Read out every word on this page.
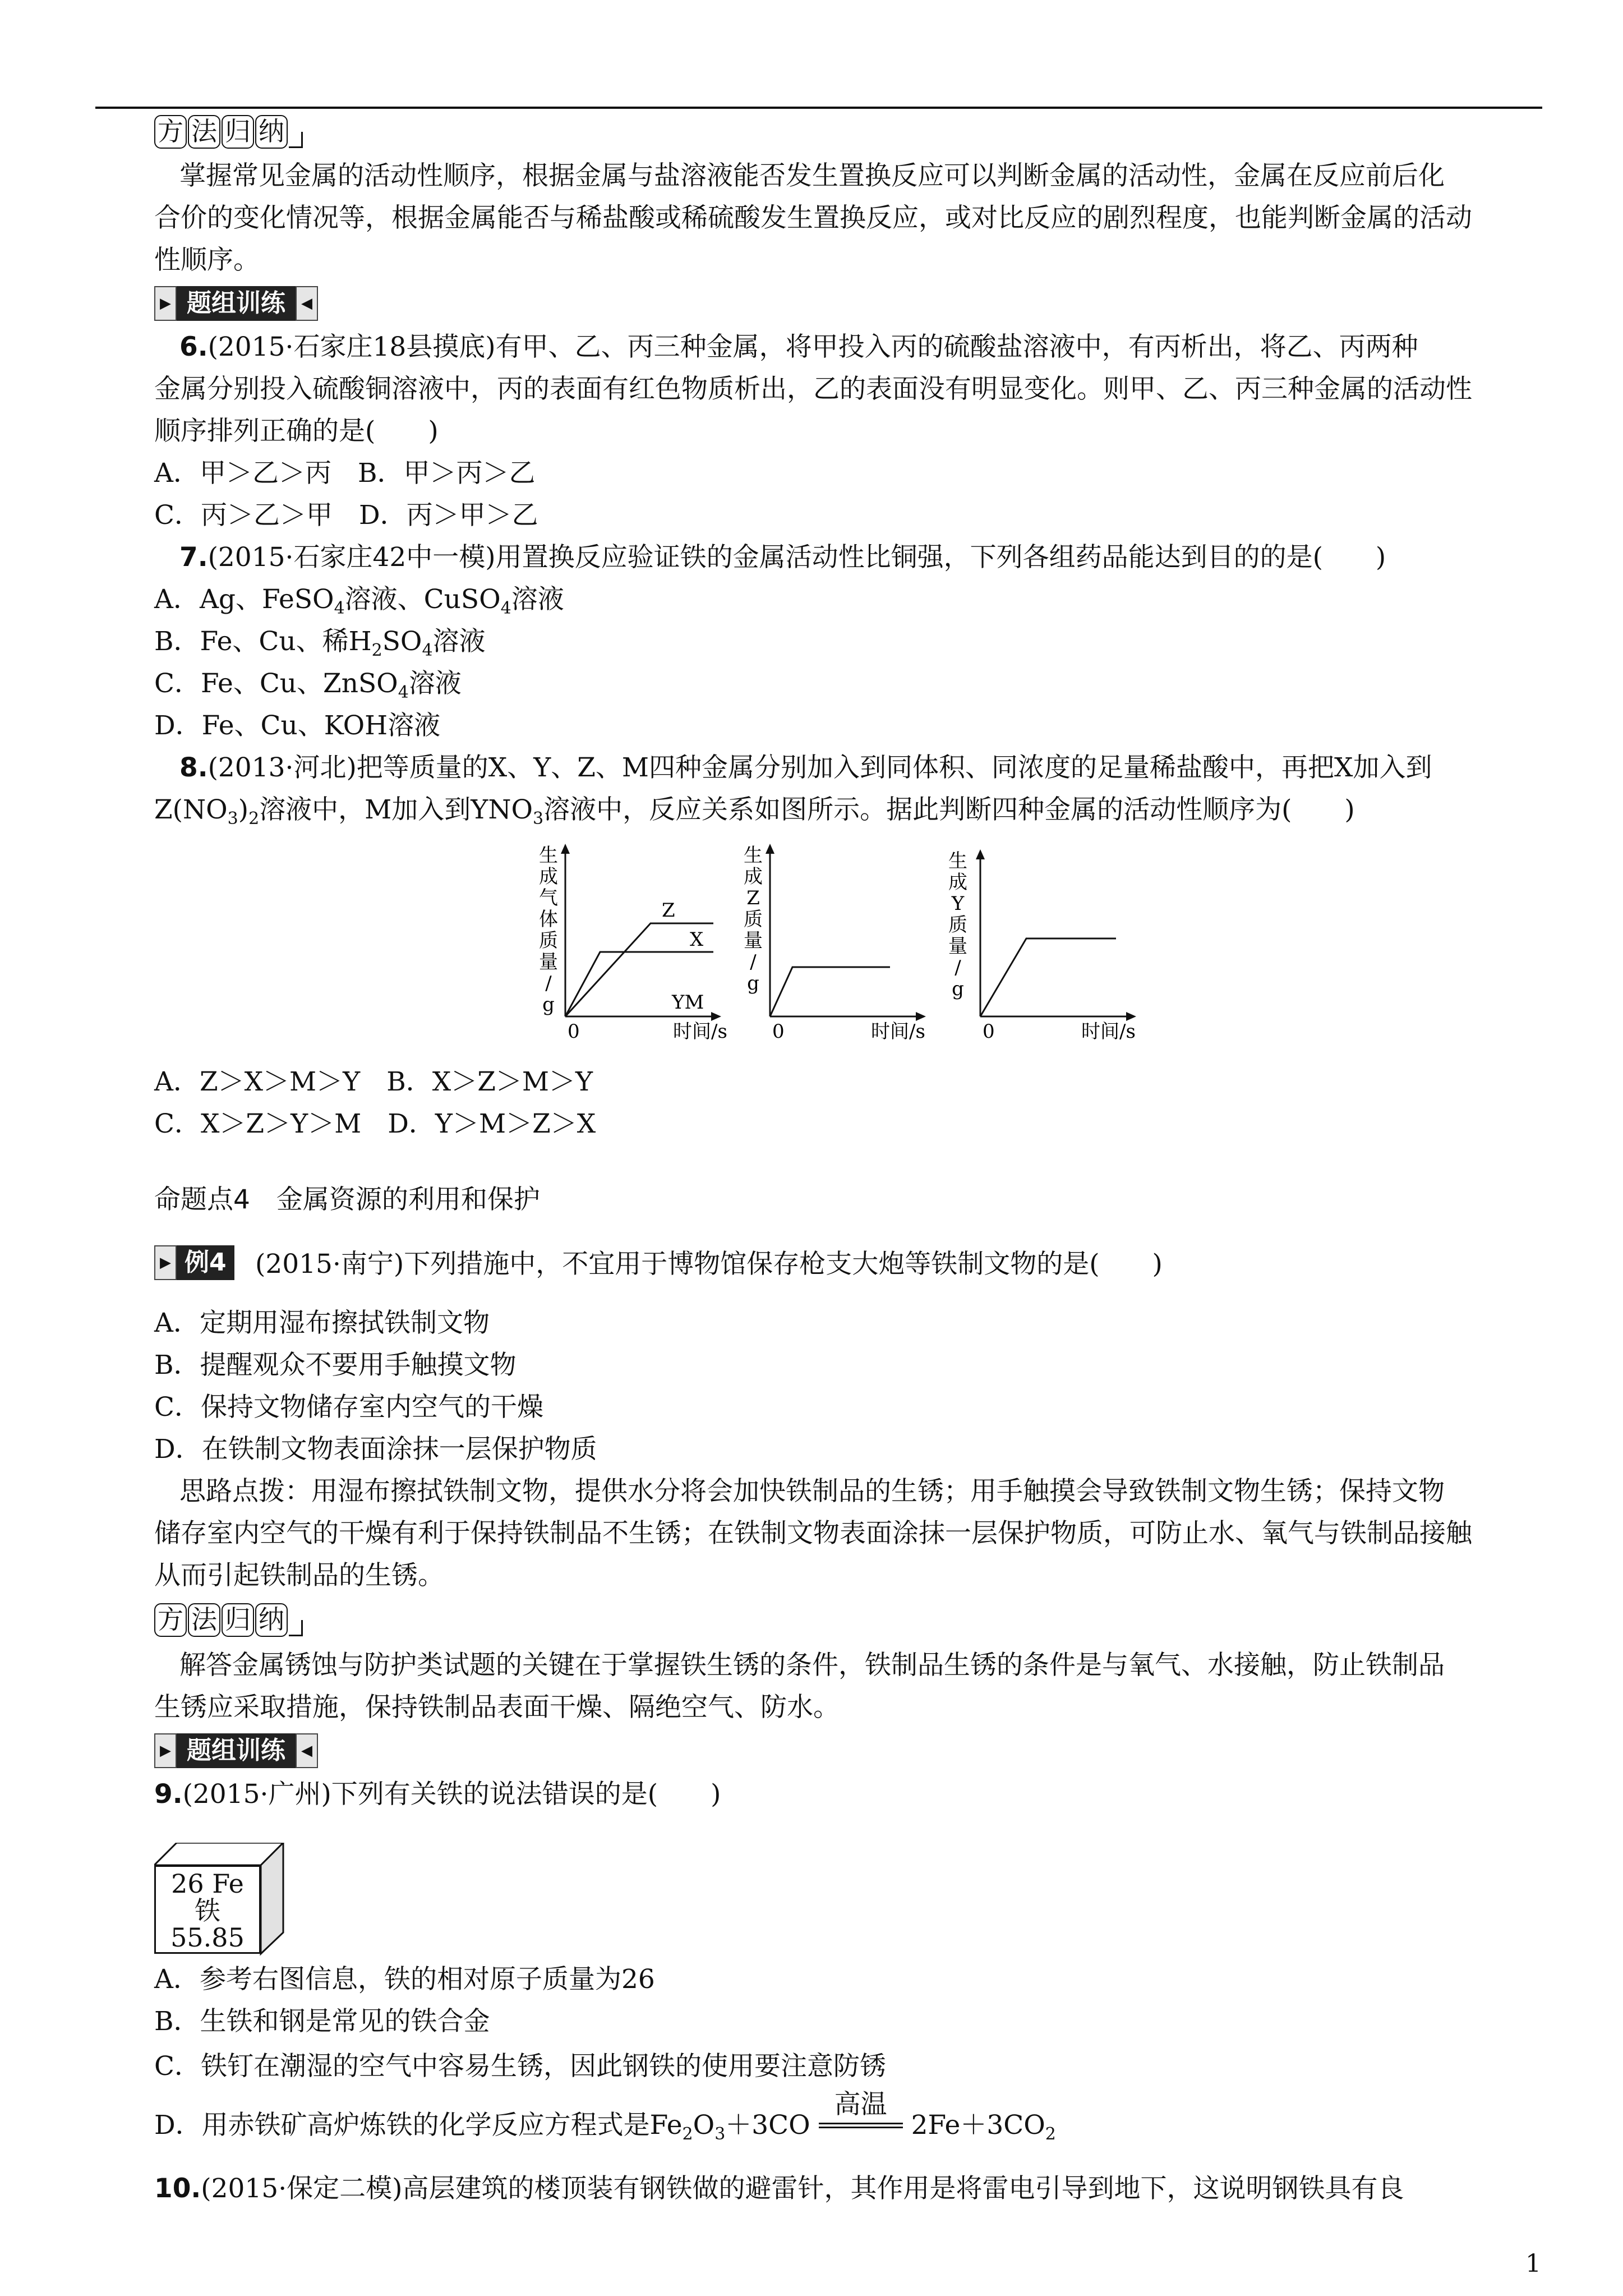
方 法 归 纳
掌握常见金属的活动性顺序，根据金属与盐溶液能否发生置换反应可以判断金属的活动性，金属在反应前后化
合价的变化情况等，根据金属能否与稀盐酸或稀硫酸发生置换反应，或对比反应的剧烈程度，也能判断金属的活动
性顺序。
▶ 题组训练	◀
6.(2015·石家庄18县摸底)有甲、乙、丙三种金属，将甲投入丙的硫酸盐溶液中，有丙析出，将乙、丙两种
金属分别投入硫酸铜溶液中，丙的表面有红色物质析出，乙的表面没有明显变化。则甲、乙、丙三种金属的活动性
顺序排列正确的是(　　)
A．甲＞乙＞丙　B．甲＞丙＞乙
C．丙＞乙＞甲　D．丙＞甲＞乙
7.(2015·石家庄42中一模)用置换反应验证铁的金属活动性比铜强，下列各组药品能达到目的的是(　　)
A．Ag、FeSO$_4$溶液、CuSO$_4$溶液
B．Fe、Cu、稀$H_2SO_4$溶液
C．Fe、Cu、ZnSO$_4$溶液
D．Fe、Cu、KOH溶液
8.(2013·河北)把等质量的X、Y、Z、M四种金属分别加入到同体积、同浓度的足量稀盐酸中，再把X加入到
$Z(NO_3)_2$溶液中，M加入到$YNO_3$溶液中，反应关系如图所示。据此判断四种金属的活动性顺序为(　　)
生
成
气
体
质
量
/
g
Z
X
YM
0	时间/s
生
成
Z
质
量
/
g
0	时间/s
生
成
Y
质
量
/
g
0	时间/s
A．Z＞X＞M＞Y　B．X＞Z＞M＞Y
C．X＞Z＞Y＞M　D．Y＞M＞Z＞X
命题点4　金属资源的利用和保护
▶ 例4 (2015·南宁)下列措施中，不宜用于博物馆保存枪支大炮等铁制文物的是(　　)
A．定期用湿布擦拭铁制文物
B．提醒观众不要用手触摸文物
C．保持文物储存室内空气的干燥
D．在铁制文物表面涂抹一层保护物质
思路点拨：用湿布擦拭铁制文物，提供水分将会加快铁制品的生锈；用手触摸会导致铁制文物生锈；保持文物
储存室内空气的干燥有利于保持铁制品不生锈；在铁制文物表面涂抹一层保护物质，可防止水、氧气与铁制品接触
从而引起铁制品的生锈。
方 法 归 纳
解答金属锈蚀与防护类试题的关键在于掌握铁生锈的条件，铁制品生锈的条件是与氧气、水接触，防止铁制品
生锈应采取措施，保持铁制品表面干燥、隔绝空气、防水。
▶ 题组训练	◀
9.(2015·广州)下列有关铁的说法错误的是(　　)
26 Fe
铁
55.85
A．参考右图信息，铁的相对原子质量为26
B．生铁和钢是常见的铁合金
C．铁钉在潮湿的空气中容易生锈，因此钢铁的使用要注意防锈
D．用赤铁矿高炉炼铁的化学反应方程式是$Fe_2O_3+3CO$
高温
$2Fe+3CO_2$
10.(2015·保定二模)高层建筑的楼顶装有钢铁做的避雷针，其作用是将雷电引导到地下，这说明钢铁具有良
1
